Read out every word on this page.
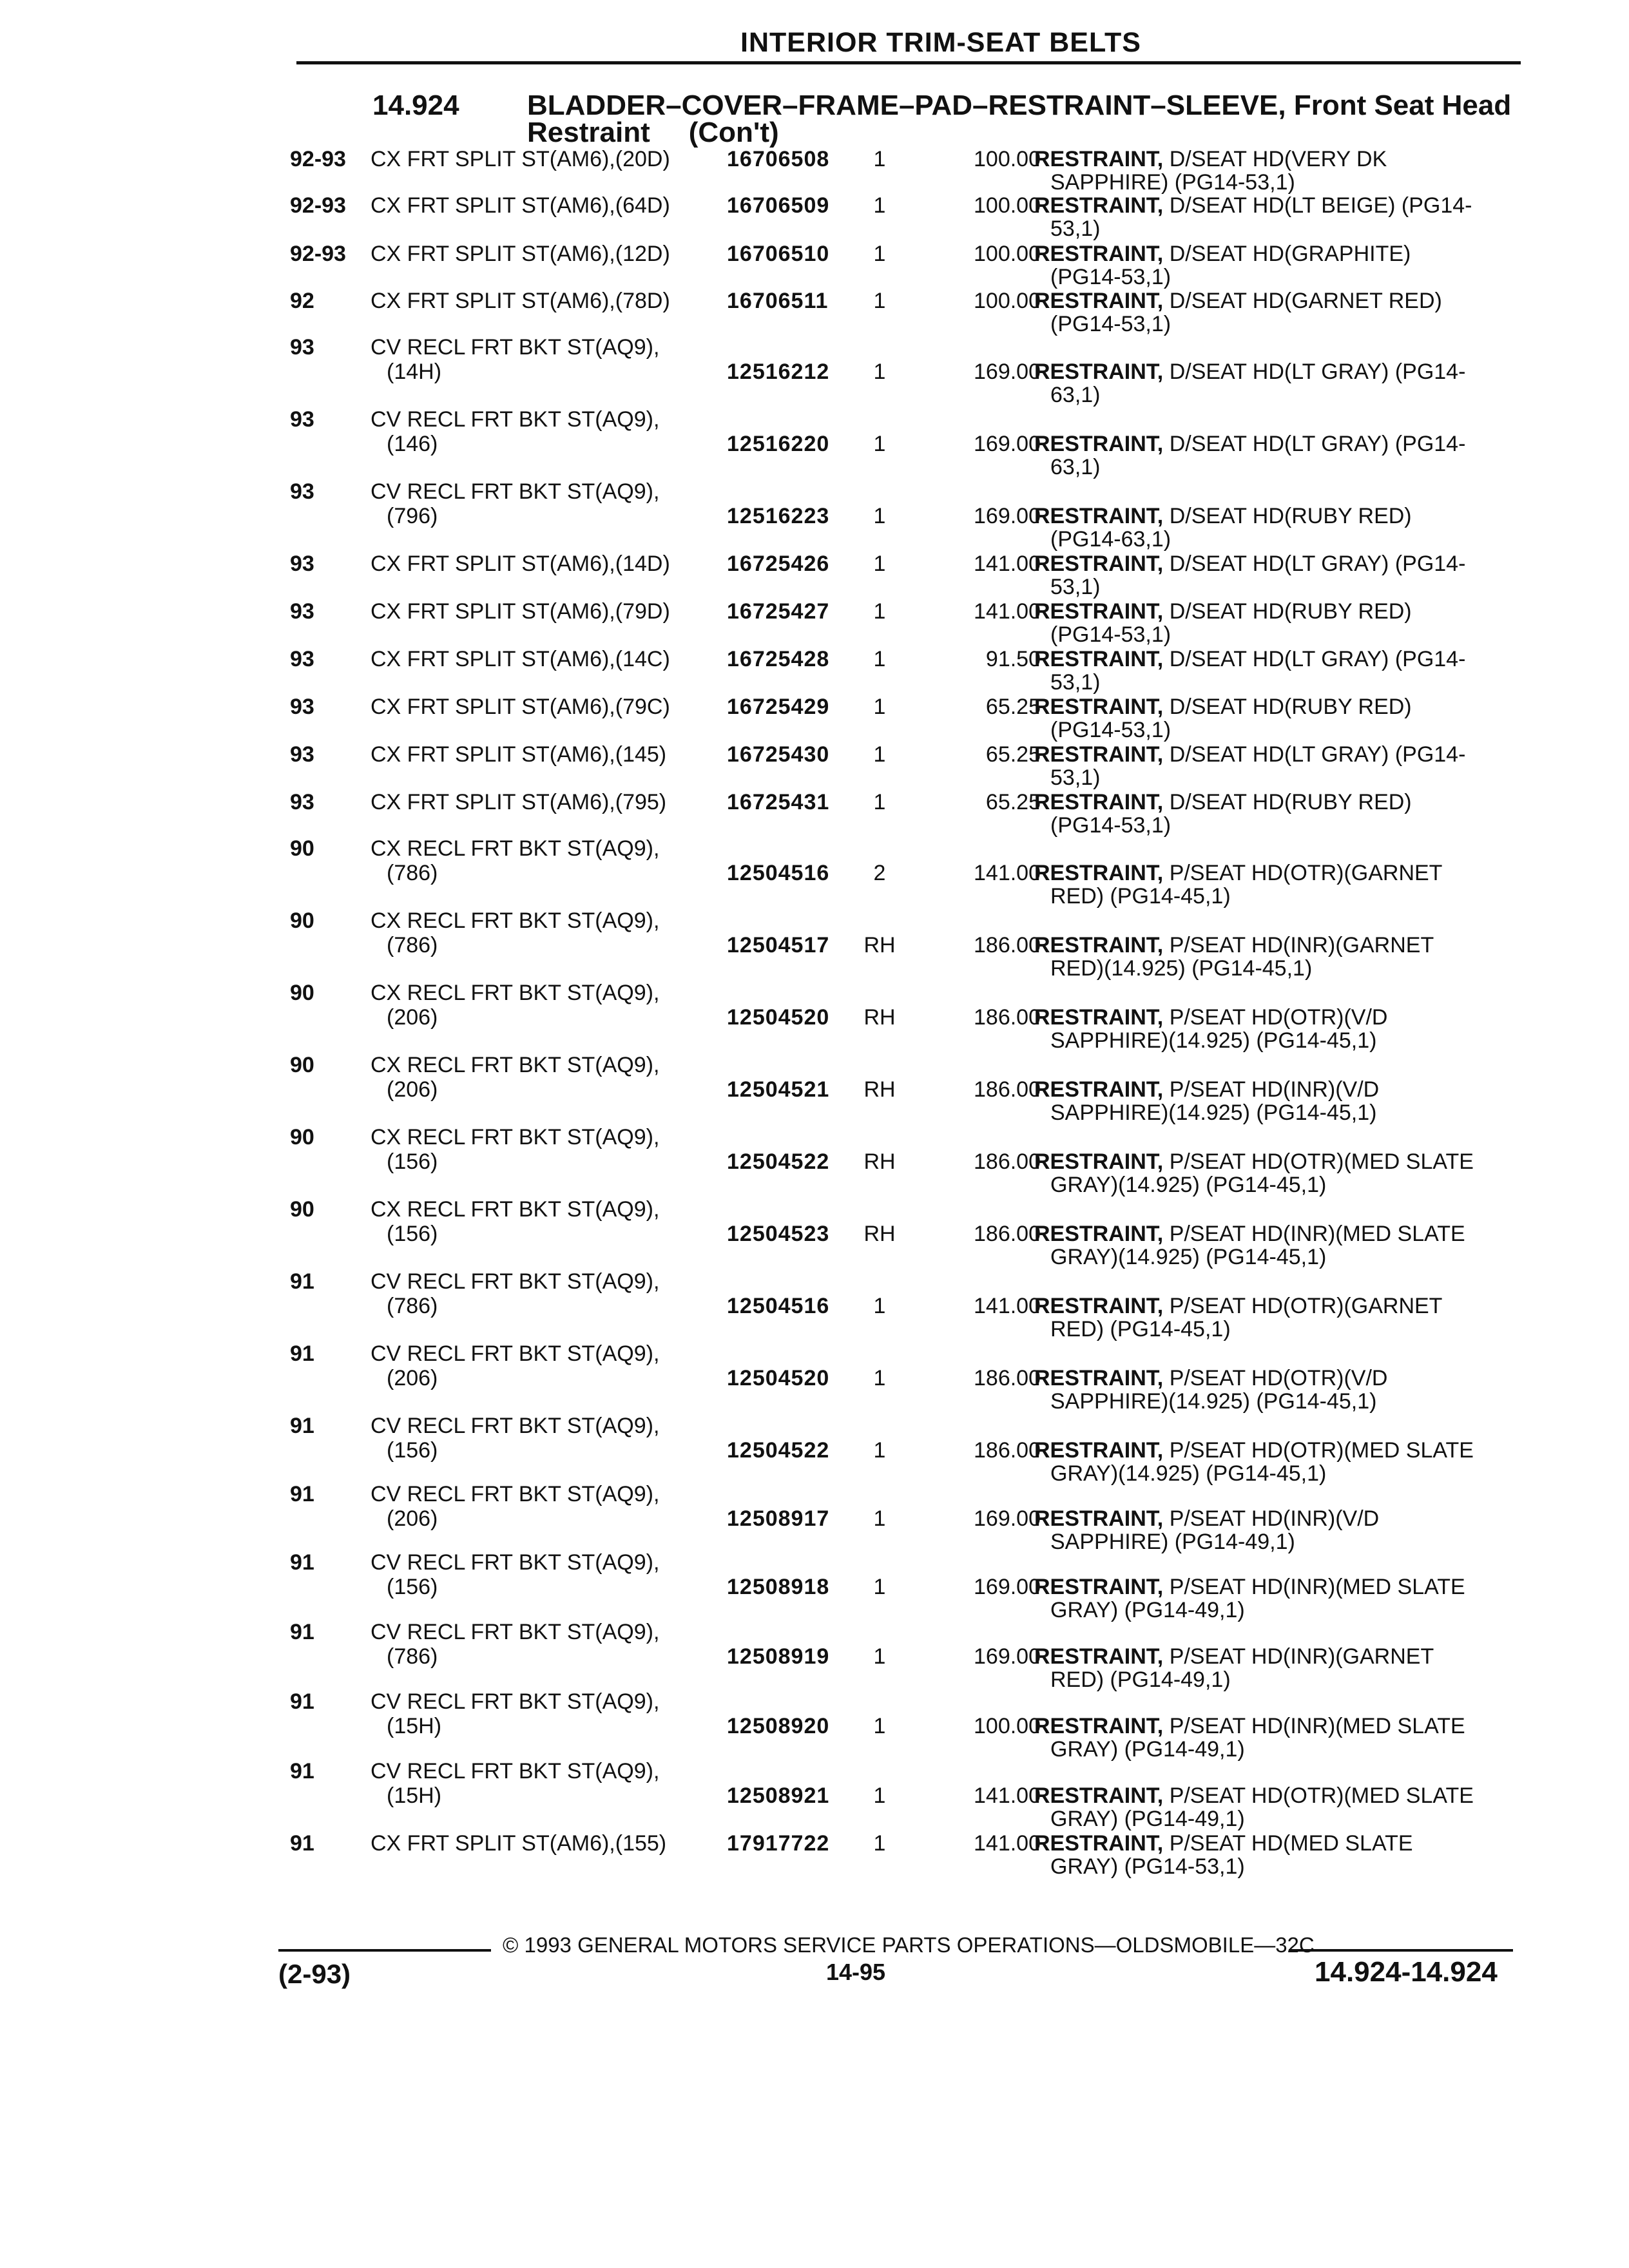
INTERIOR TRIM-SEAT BELTS
14.924 BLADDER–COVER–FRAME–PAD–RESTRAINT–SLEEVE, Front Seat Head
Restraint (Con't)
92-93 CX FRT SPLIT ST(AM6),(20D)	16706508	1	100.00
RESTRAINT, D/SEAT HD(VERY DK
SAPPHIRE) (PG14-53,1)
92-93 CX FRT SPLIT ST(AM6),(64D)	16706509	1	100.00
RESTRAINT, D/SEAT HD(LT BEIGE) (PG14-
53,1)
92-93 CX FRT SPLIT ST(AM6),(12D)	16706510	1	100.00
RESTRAINT, D/SEAT HD(GRAPHITE)
(PG14-53,1)
92	CX FRT SPLIT ST(AM6),(78D)	16706511	1	100.00
RESTRAINT, D/SEAT HD(GARNET RED)
(PG14-53,1)
93	CV RECL FRT BKT ST(AQ9),
(14H)	12516212	1	169.00
RESTRAINT, D/SEAT HD(LT GRAY) (PG14-
63,1)
93	CV RECL FRT BKT ST(AQ9),
(146)	12516220	1	169.00
RESTRAINT, D/SEAT HD(LT GRAY) (PG14-
63,1)
93	CV RECL FRT BKT ST(AQ9),
(796)	12516223	1	169.00
RESTRAINT, D/SEAT HD(RUBY RED)
(PG14-63,1)
93	CX FRT SPLIT ST(AM6),(14D)	16725426	1	141.00
RESTRAINT, D/SEAT HD(LT GRAY) (PG14-
53,1)
93	CX FRT SPLIT ST(AM6),(79D)	16725427	1	141.00
RESTRAINT, D/SEAT HD(RUBY RED)
(PG14-53,1)
93	CX FRT SPLIT ST(AM6),(14C)	16725428	1	91.50
RESTRAINT, D/SEAT HD(LT GRAY) (PG14-
53,1)
93	CX FRT SPLIT ST(AM6),(79C)	16725429	1	65.25
RESTRAINT, D/SEAT HD(RUBY RED)
(PG14-53,1)
93	CX FRT SPLIT ST(AM6),(145)	16725430	1	65.25
RESTRAINT, D/SEAT HD(LT GRAY) (PG14-
53,1)
93	CX FRT SPLIT ST(AM6),(795)	16725431	1	65.25
RESTRAINT, D/SEAT HD(RUBY RED)
(PG14-53,1)
90	CX RECL FRT BKT ST(AQ9),
(786)	12504516	2	141.00
RESTRAINT, P/SEAT HD(OTR)(GARNET
RED) (PG14-45,1)
90	CX RECL FRT BKT ST(AQ9),
(786)	12504517 RH	186.00
RESTRAINT, P/SEAT HD(INR)(GARNET
RED)(14.925) (PG14-45,1)
90	CX RECL FRT BKT ST(AQ9),
(206)	12504520 RH	186.00
RESTRAINT, P/SEAT HD(OTR)(V/D
SAPPHIRE)(14.925) (PG14-45,1)
90	CX RECL FRT BKT ST(AQ9),
(206)	12504521 RH	186.00
RESTRAINT, P/SEAT HD(INR)(V/D
SAPPHIRE)(14.925) (PG14-45,1)
90	CX RECL FRT BKT ST(AQ9),
(156)	12504522 RH	186.00
RESTRAINT, P/SEAT HD(OTR)(MED SLATE
GRAY)(14.925) (PG14-45,1)
90	CX RECL FRT BKT ST(AQ9),
(156)	12504523 RH	186.00
RESTRAINT, P/SEAT HD(INR)(MED SLATE
GRAY)(14.925) (PG14-45,1)
91	CV RECL FRT BKT ST(AQ9),
(786)	12504516	1	141.00
RESTRAINT, P/SEAT HD(OTR)(GARNET
RED) (PG14-45,1)
91	CV RECL FRT BKT ST(AQ9),
(206)	12504520	1	186.00
RESTRAINT, P/SEAT HD(OTR)(V/D
SAPPHIRE)(14.925) (PG14-45,1)
91	CV RECL FRT BKT ST(AQ9),
(156)	12504522	1	186.00
RESTRAINT, P/SEAT HD(OTR)(MED SLATE
GRAY)(14.925) (PG14-45,1)
91	CV RECL FRT BKT ST(AQ9),
(206)	12508917	1	169.00
RESTRAINT, P/SEAT HD(INR)(V/D
SAPPHIRE) (PG14-49,1)
91	CV RECL FRT BKT ST(AQ9),
(156)	12508918	1	169.00
RESTRAINT, P/SEAT HD(INR)(MED SLATE
GRAY) (PG14-49,1)
91	CV RECL FRT BKT ST(AQ9),
(786)	12508919	1	169.00
RESTRAINT, P/SEAT HD(INR)(GARNET
RED) (PG14-49,1)
91	CV RECL FRT BKT ST(AQ9),
(15H)	12508920	1	100.00
RESTRAINT, P/SEAT HD(INR)(MED SLATE
GRAY) (PG14-49,1)
91	CV RECL FRT BKT ST(AQ9),
(15H)	12508921	1	141.00
RESTRAINT, P/SEAT HD(OTR)(MED SLATE
GRAY) (PG14-49,1)
91	CX FRT SPLIT ST(AM6),(155)	17917722	1	141.00
RESTRAINT, P/SEAT HD(MED SLATE
GRAY) (PG14-53,1)
© 1993 GENERAL MOTORS SERVICE PARTS OPERATIONS—OLDSMOBILE—32C
(2-93)	14-95	14.924-14.924
